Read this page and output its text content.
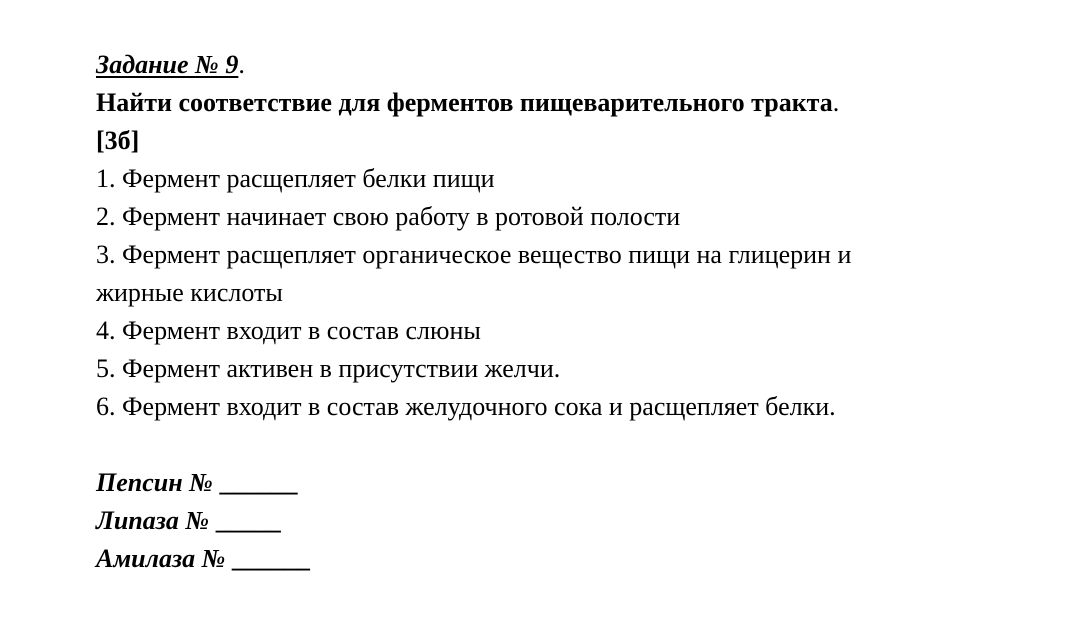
Задание № 9.
Найти соответствие для ферментов пищеварительного тракта.
[3б]
1. Фермент расщепляет белки пищи
2. Фермент начинает свою работу в ротовой полости
3. Фермент расщепляет органическое вещество пищи на глицерин и
жирные кислоты
4. Фермент входит в состав слюны
5. Фермент активен в присутствии желчи.
6. Фермент входит в состав желудочного сока и расщепляет белки.
Пепсин № ______
Липаза № _____
Амилаза № ______
